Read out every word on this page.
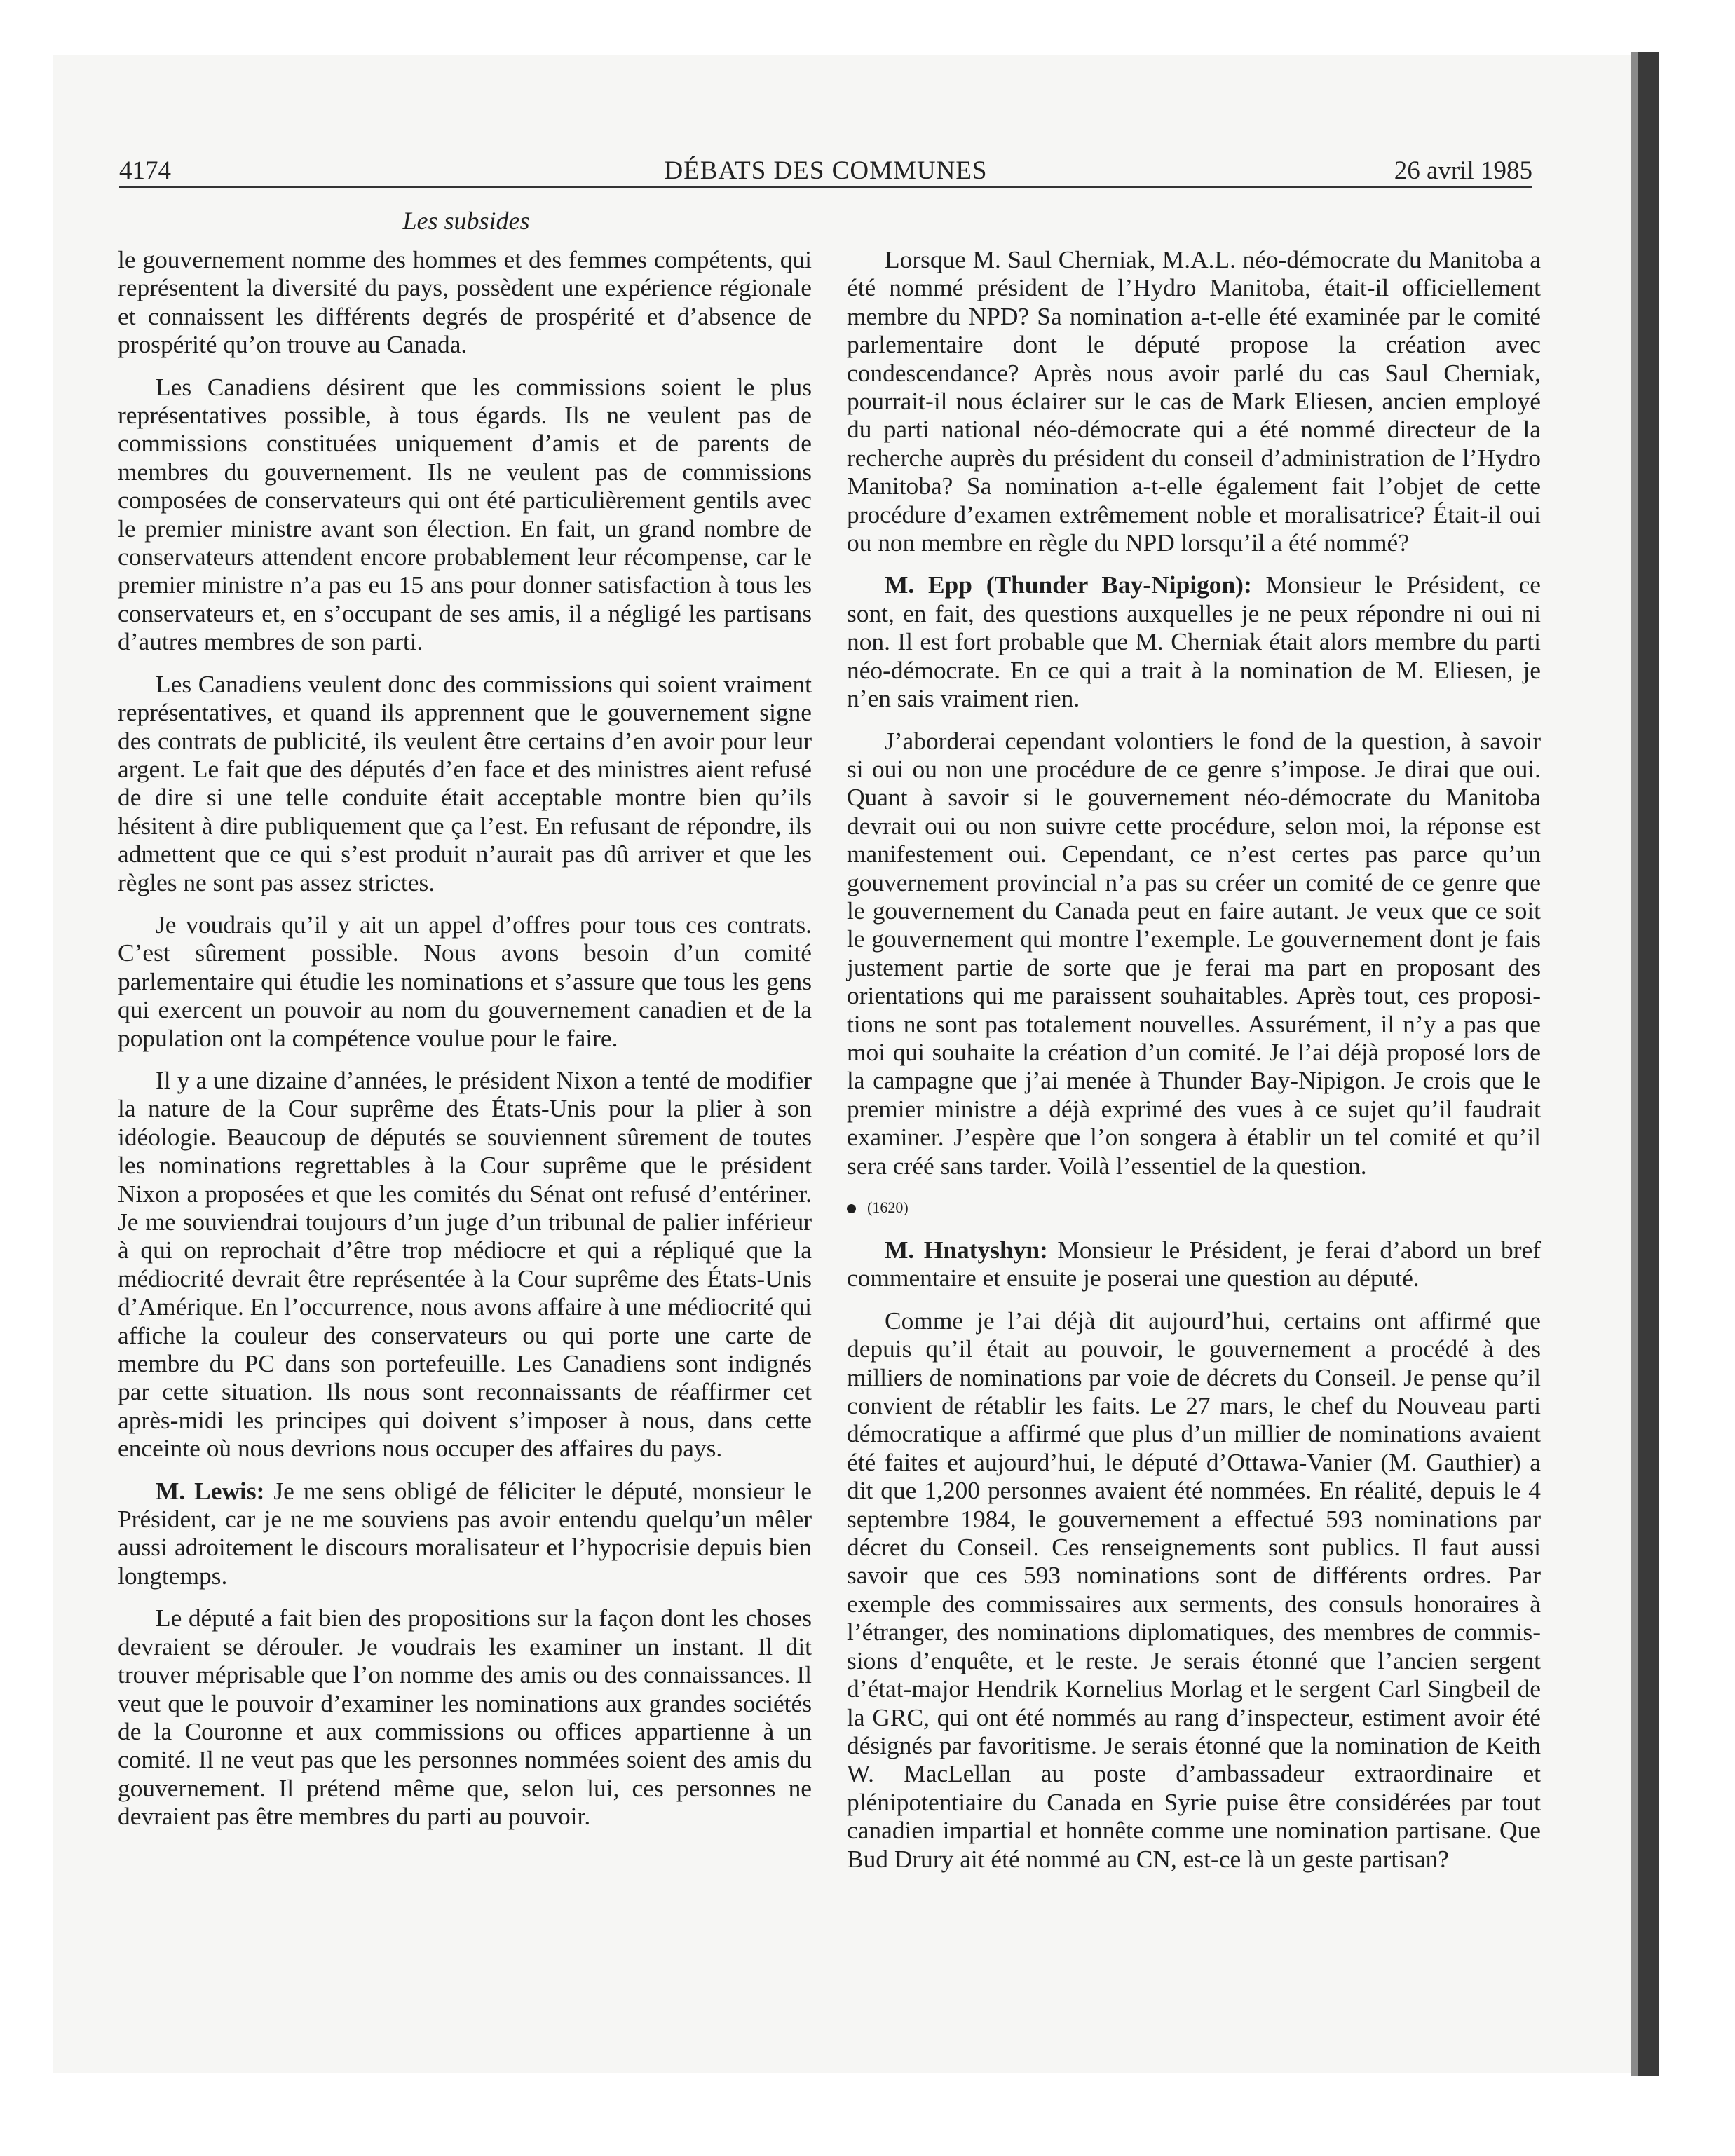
4174	DÉBATS DES COMMUNES	26 avril 1985
Les subsides

le gouvernement nomme des hommes et des femmes compétents, qui représentent la diversité du pays, possèdent une expérience régionale et connaissent les différents degrés de prospérité et d’absence de prospérité qu’on trouve au Canada.

Les Canadiens désirent que les commissions soient le plus représentatives possible, à tous égards. Ils ne veulent pas de commissions constituées uniquement d’amis et de parents de membres du gouvernement. Ils ne veulent pas de commissions composées de conservateurs qui ont été particulièrement gentils avec le premier ministre avant son élection. En fait, un grand nombre de conservateurs attendent encore probablement leur récompense, car le premier ministre n’a pas eu 15 ans pour donner satisfaction à tous les conservateurs et, en s’occupant de ses amis, il a négligé les partisans d’autres membres de son parti.

Les Canadiens veulent donc des commissions qui soient vraiment représentatives, et quand ils apprennent que le gouvernement signe des contrats de publicité, ils veulent être certains d’en avoir pour leur argent. Le fait que des députés d’en face et des ministres aient refusé de dire si une telle conduite était acceptable montre bien qu’ils hésitent à dire publiquement que ça l’est. En refusant de répondre, ils admettent que ce qui s’est produit n’aurait pas dû arriver et que les règles ne sont pas assez strictes.

Je voudrais qu’il y ait un appel d’offres pour tous ces contrats. C’est sûrement possible. Nous avons besoin d’un comité parlementaire qui étudie les nominations et s’assure que tous les gens qui exercent un pouvoir au nom du gouvernement canadien et de la population ont la compétence voulue pour le faire.

Il y a une dizaine d’années, le président Nixon a tenté de modifier la nature de la Cour suprême des États-Unis pour la plier à son idéologie. Beaucoup de députés se souviennent sûrement de toutes les nominations regrettables à la Cour suprême que le président Nixon a proposées et que les comités du Sénat ont refusé d’entériner. Je me souviendrai toujours d’un juge d’un tribunal de palier inférieur à qui on reprochait d’être trop médiocre et qui a répliqué que la médiocrité devrait être représentée à la Cour suprême des États-Unis d’Amérique. En l’occurrence, nous avons affaire à une médiocrité qui affiche la couleur des conservateurs ou qui porte une carte de membre du PC dans son portefeuille. Les Canadiens sont indignés par cette situation. Ils nous sont reconnaissants de réaffirmer cet après-midi les principes qui doivent s’imposer à nous, dans cette enceinte où nous devrions nous occuper des affaires du pays.

M. Lewis: Je me sens obligé de féliciter le député, monsieur le Président, car je ne me souviens pas avoir entendu quelqu’un mêler aussi adroitement le discours moralisateur et l’hypocrisie depuis bien longtemps.

Le député a fait bien des propositions sur la façon dont les choses devraient se dérouler. Je voudrais les examiner un instant. Il dit trouver méprisable que l’on nomme des amis ou des connaissances. Il veut que le pouvoir d’examiner les nominations aux grandes sociétés de la Couronne et aux commissions ou offices appartienne à un comité. Il ne veut pas que les personnes nommées soient des amis du gouvernement. Il prétend même que, selon lui, ces personnes ne devraient pas être membres du parti au pouvoir.

Lorsque M. Saul Cherniak, M.A.L. néo-démocrate du Manitoba a été nommé président de l’Hydro Manitoba, était-il officiellement membre du NPD? Sa nomination a-t-elle été examinée par le comité parlementaire dont le député propose la création avec condescendance? Après nous avoir parlé du cas Saul Cherniak, pourrait-il nous éclairer sur le cas de Mark Eliesen, ancien employé du parti national néo-démocrate qui a été nommé directeur de la recherche auprès du président du conseil d’administration de l’Hydro Manitoba? Sa nomination a-t-elle également fait l’objet de cette procédure d’examen extrêmement noble et moralisatrice? Était-il oui ou non membre en règle du NPD lorsqu’il a été nommé?

M. Epp (Thunder Bay-Nipigon): Monsieur le Président, ce sont, en fait, des questions auxquelles je ne peux répondre ni oui ni non. Il est fort probable que M. Cherniak était alors membre du parti néo-démocrate. En ce qui a trait à la nomination de M. Eliesen, je n’en sais vraiment rien.

J’aborderai cependant volontiers le fond de la question, à savoir si oui ou non une procédure de ce genre s’impose. Je dirai que oui. Quant à savoir si le gouvernement néo-démocrate du Manitoba devrait oui ou non suivre cette procédure, selon moi, la réponse est manifestement oui. Cependant, ce n’est certes pas parce qu’un gouvernement provincial n’a pas su créer un comité de ce genre que le gouvernement du Canada peut en faire autant. Je veux que ce soit le gouvernement qui montre l’exemple. Le gouvernement dont je fais justement partie de sorte que je ferai ma part en proposant des orientations qui me paraissent souhaitables. Après tout, ces propositions ne sont pas totalement nouvelles. Assurément, il n’y a pas que moi qui souhaite la création d’un comité. Je l’ai déjà proposé lors de la campagne que j’ai menée à Thunder Bay-Nipigon. Je crois que le premier ministre a déjà exprimé des vues à ce sujet qu’il faudrait examiner. J’espère que l’on songera à établir un tel comité et qu’il sera créé sans tarder. Voilà l’essentiel de la question.

(1620)

M. Hnatyshyn: Monsieur le Président, je ferai d’abord un bref commentaire et ensuite je poserai une question au député.

Comme je l’ai déjà dit aujourd’hui, certains ont affirmé que depuis qu’il était au pouvoir, le gouvernement a procédé à des milliers de nominations par voie de décrets du Conseil. Je pense qu’il convient de rétablir les faits. Le 27 mars, le chef du Nouveau parti démocratique a affirmé que plus d’un millier de nominations avaient été faites et aujourd’hui, le député d’Ottawa-Vanier (M. Gauthier) a dit que 1,200 personnes avaient été nommées. En réalité, depuis le 4 septembre 1984, le gouvernement a effectué 593 nominations par décret du Conseil. Ces renseignements sont publics. Il faut aussi savoir que ces 593 nominations sont de différents ordres. Par exemple des commissaires aux serments, des consuls honoraires à l’étranger, des nominations diplomatiques, des membres de commissions d’enquête, et le reste. Je serais étonné que l’ancien sergent d’état-major Hendrik Kornelius Morlag et le sergent Carl Singbeil de la GRC, qui ont été nommés au rang d’inspecteur, estiment avoir été désignés par favoritisme. Je serais étonné que la nomination de Keith W. MacLellan au poste d’ambassadeur extraordinaire et plénipotentiaire du Canada en Syrie puise être considérées par tout canadien impartial et honnête comme une nomination partisane. Que Bud Drury ait été nommé au CN, est-ce là un geste partisan?
